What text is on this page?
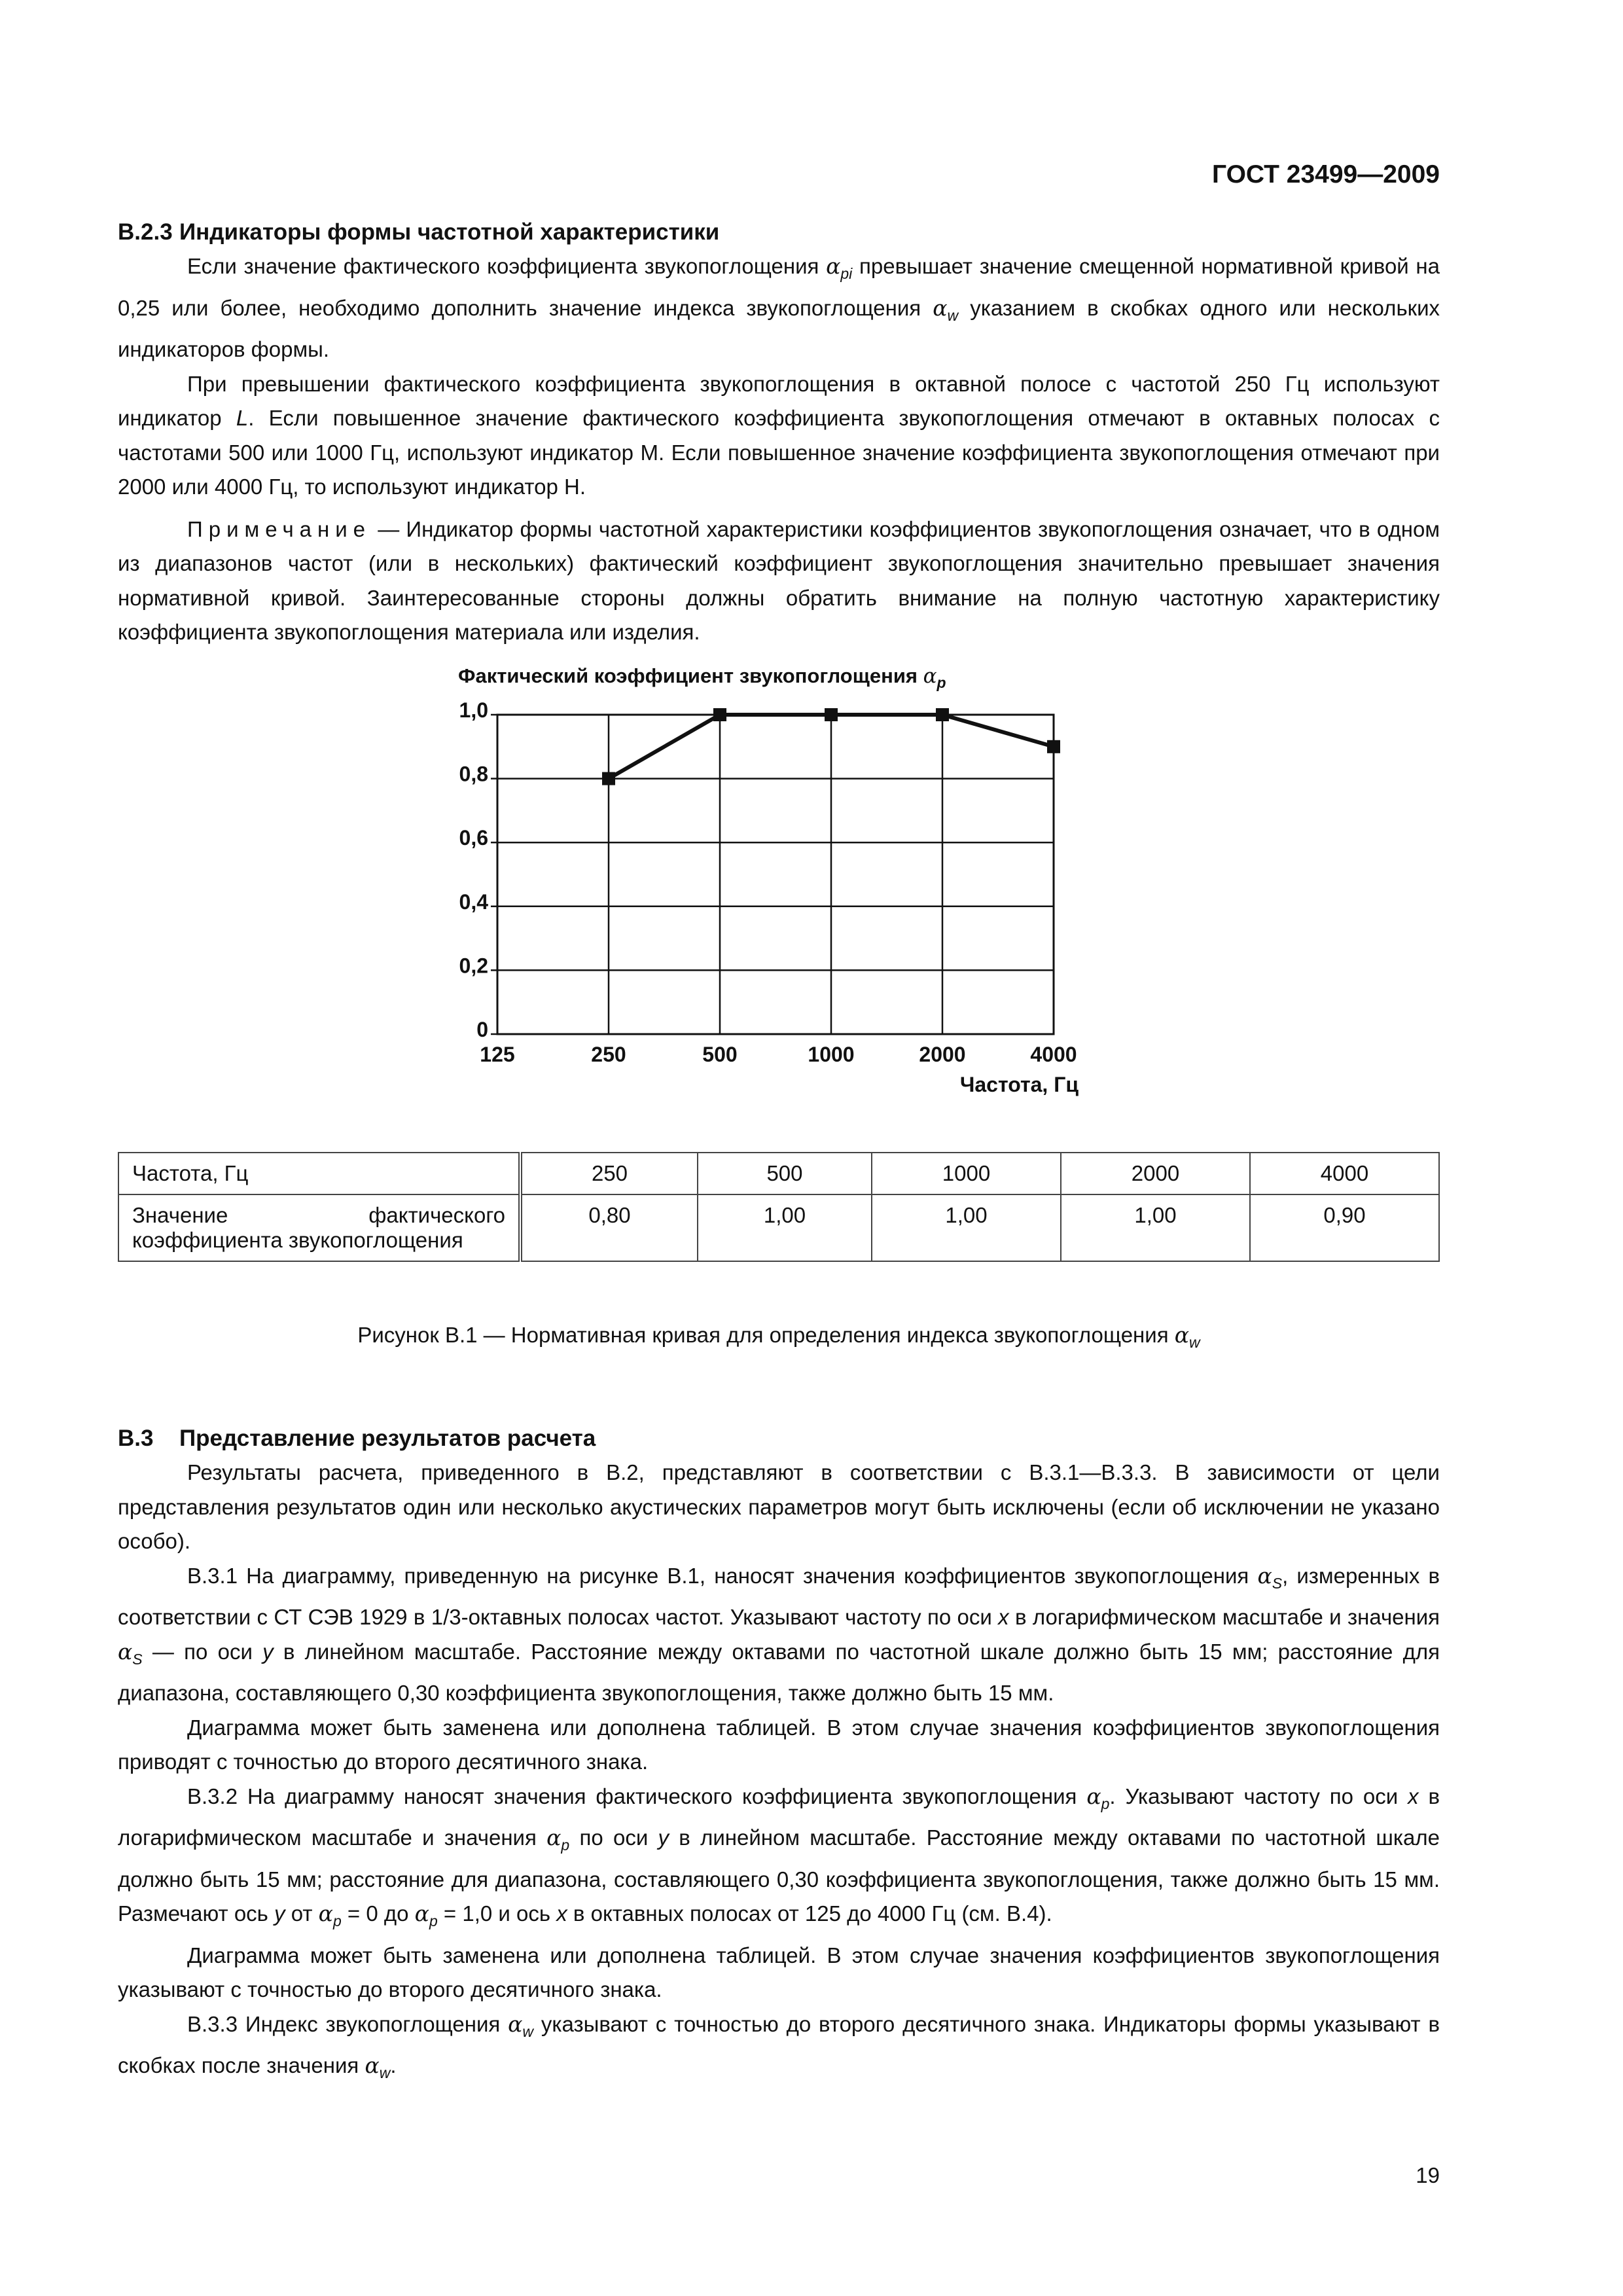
ГОСТ 23499—2009
В.2.3 Индикаторы формы частотной характеристики

Если значение фактического коэффициента звукопоглощения $\alpha_{pi}$ превышает значение смещенной нормативной кривой на 0,25 или более, необходимо дополнить значение индекса звукопоглощения $\alpha_w$ указанием в скобках одного или нескольких индикаторов формы.

При превышении фактического коэффициента звукопоглощения в октавной полосе с частотой 250 Гц используют индикатор L. Если повышенное значение фактического коэффициента звукопоглощения отмечают в октавных полосах с частотами 500 или 1000 Гц, используют индикатор М. Если повышенное значение коэффициента звукопоглощения отмечают при 2000 или 4000 Гц, то используют индикатор Н.

Примечание — Индикатор формы частотной характеристики коэффициентов звукопоглощения означает, что в одном из диапазонов частот (или в нескольких) фактический коэффициент звукопоглощения значительно превышает значения нормативной кривой. Заинтересованные стороны должны обратить внимание на полную частотную характеристику коэффициента звукопоглощения материала или изделия.

Фактический коэффициент звукопоглощения $\alpha_p$
0
0,2
0,4
0,6
0,8
1,0
125	250	500	1000	2000	4000
Частота, Гц
Частота, Гц	250	500	1000	2000	4000
Значение фактического коэффициента звукопоглощения	0,80	1,00	1,00	1,00	0,90
Рисунок В.1 — Нормативная кривая для определения индекса звукопоглощения $\alpha_w$
В.3 Представление результатов расчета

Результаты расчета, приведенного в В.2, представляют в соответствии с В.3.1—В.3.3. В зависимости от цели представления результатов один или несколько акустических параметров могут быть исключены (если об исключении не указано особо).

В.3.1 На диаграмму, приведенную на рисунке В.1, наносят значения коэффициентов звукопоглощения $\alpha_S$, измеренных в соответствии с СТ СЭВ 1929 в 1/3-октавных полосах частот. Указывают частоту по оси x в логарифмическом масштабе и значения $\alpha_S$ — по оси y в линейном масштабе. Расстояние между октавами по частотной шкале должно быть 15 мм; расстояние для диапазона, составляющего 0,30 коэффициента звукопоглощения, также должно быть 15 мм.

Диаграмма может быть заменена или дополнена таблицей. В этом случае значения коэффициентов звукопоглощения приводят с точностью до второго десятичного знака.

В.3.2 На диаграмму наносят значения фактического коэффициента звукопоглощения $\alpha_p$. Указывают частоту по оси x в логарифмическом масштабе и значения $\alpha_p$ по оси y в линейном масштабе. Расстояние между октавами по частотной шкале должно быть 15 мм; расстояние для диапазона, составляющего 0,30 коэффициента звукопоглощения, также должно быть 15 мм. Размечают ось y от $\alpha_p = 0$ до $\alpha_p = 1,0$ и ось x в октавных полосах от 125 до 4000 Гц (см. В.4).

Диаграмма может быть заменена или дополнена таблицей. В этом случае значения коэффициентов звукопоглощения указывают с точностью до второго десятичного знака.

В.3.3 Индекс звукопоглощения $\alpha_w$ указывают с точностью до второго десятичного знака. Индикаторы формы указывают в скобках после значения $\alpha_w$.

19
